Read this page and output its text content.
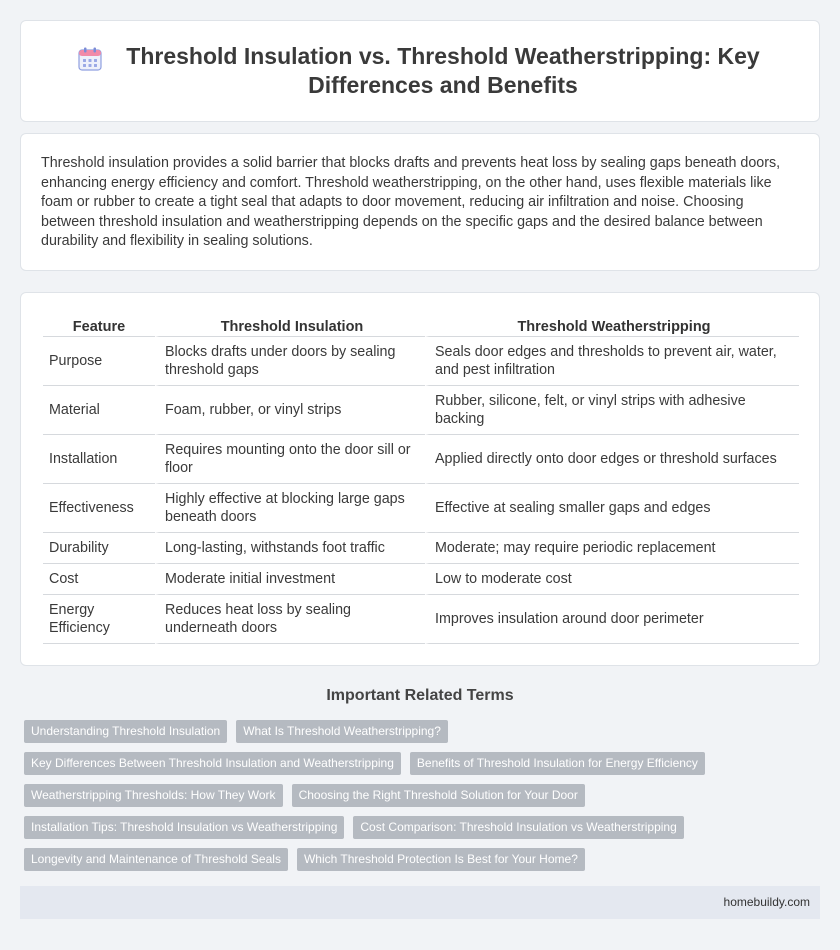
Threshold Insulation vs. Threshold Weatherstripping: Key Differences and Benefits

Threshold insulation provides a solid barrier that blocks drafts and prevents heat loss by sealing gaps beneath doors, enhancing energy efficiency and comfort. Threshold weatherstripping, on the other hand, uses flexible materials like foam or rubber to create a tight seal that adapts to door movement, reducing air infiltration and noise. Choosing between threshold insulation and weatherstripping depends on the specific gaps and the desired balance between durability and flexibility in sealing solutions.

Feature	Threshold Insulation	Threshold Weatherstripping
Purpose	Blocks drafts under doors by sealing threshold gaps	Seals door edges and thresholds to prevent air, water, and pest infiltration
Material	Foam, rubber, or vinyl strips	Rubber, silicone, felt, or vinyl strips with adhesive backing
Installation	Requires mounting onto the door sill or floor	Applied directly onto door edges or threshold surfaces
Effectiveness	Highly effective at blocking large gaps beneath doors	Effective at sealing smaller gaps and edges
Durability	Long-lasting, withstands foot traffic	Moderate; may require periodic replacement
Cost	Moderate initial investment	Low to moderate cost
Energy Efficiency	Reduces heat loss by sealing underneath doors	Improves insulation around door perimeter
Important Related Terms
Understanding Threshold Insulation	What Is Threshold Weatherstripping?
Key Differences Between Threshold Insulation and Weatherstripping	Benefits of Threshold Insulation for Energy Efficiency
Weatherstripping Thresholds: How They Work	Choosing the Right Threshold Solution for Your Door
Installation Tips: Threshold Insulation vs Weatherstripping	Cost Comparison: Threshold Insulation vs Weatherstripping
Longevity and Maintenance of Threshold Seals	Which Threshold Protection Is Best for Your Home?
homebuildy.com
